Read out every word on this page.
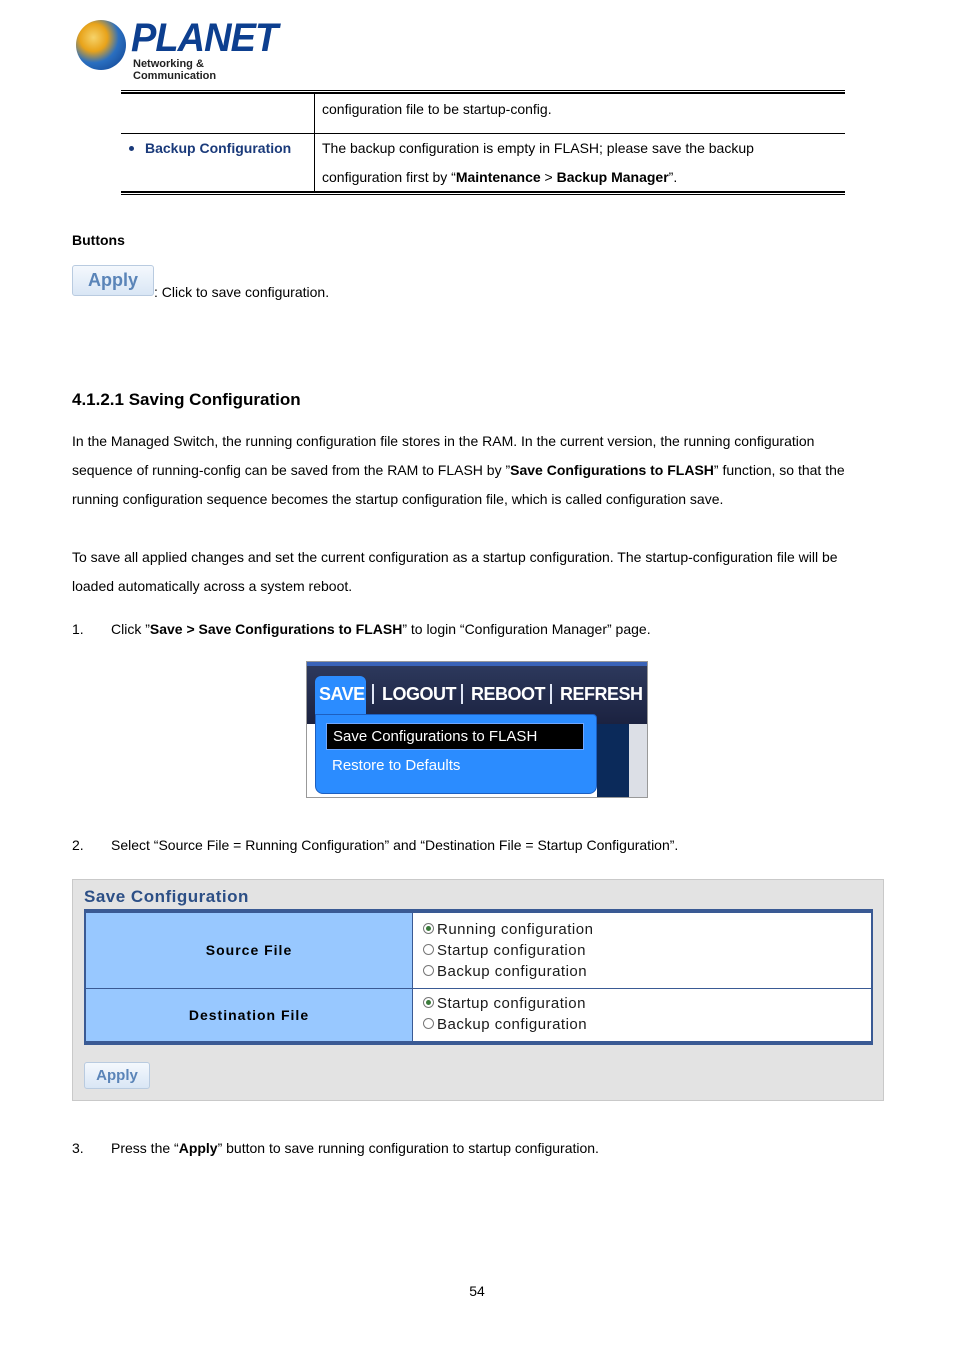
PLANET
Networking & Communication
configuration file to be startup-config.
Backup Configuration The backup configuration is empty in FLASH; please save the backup
configuration first by “Maintenance > Backup Manager”.
Buttons
Apply
: Click to save configuration.
4.1.2.1 Saving Configuration
In the Managed Switch, the running configuration file stores in the RAM. In the current version, the running configuration
sequence of running-config can be saved from the RAM to FLASH by ”Save Configurations to FLASH” function, so that the
running configuration sequence becomes the startup configuration file, which is called configuration save.
To save all applied changes and set the current configuration as a startup configuration. The startup-configuration file will be
loaded automatically across a system reboot.
1. Click ”Save > Save Configurations to FLASH” to login “Configuration Manager” page.
SAVE LOGOUT REBOOT REFRESH
Save Configurations to FLASH
Restore to Defaults
2. Select “Source File = Running Configuration” and “Destination File = Startup Configuration”.
Save Configuration
Source File
Destination File
Running configuration
Startup configuration
Backup configuration
Startup configuration
Backup configuration
Apply
3. Press the “Apply” button to save running configuration to startup configuration.
54
